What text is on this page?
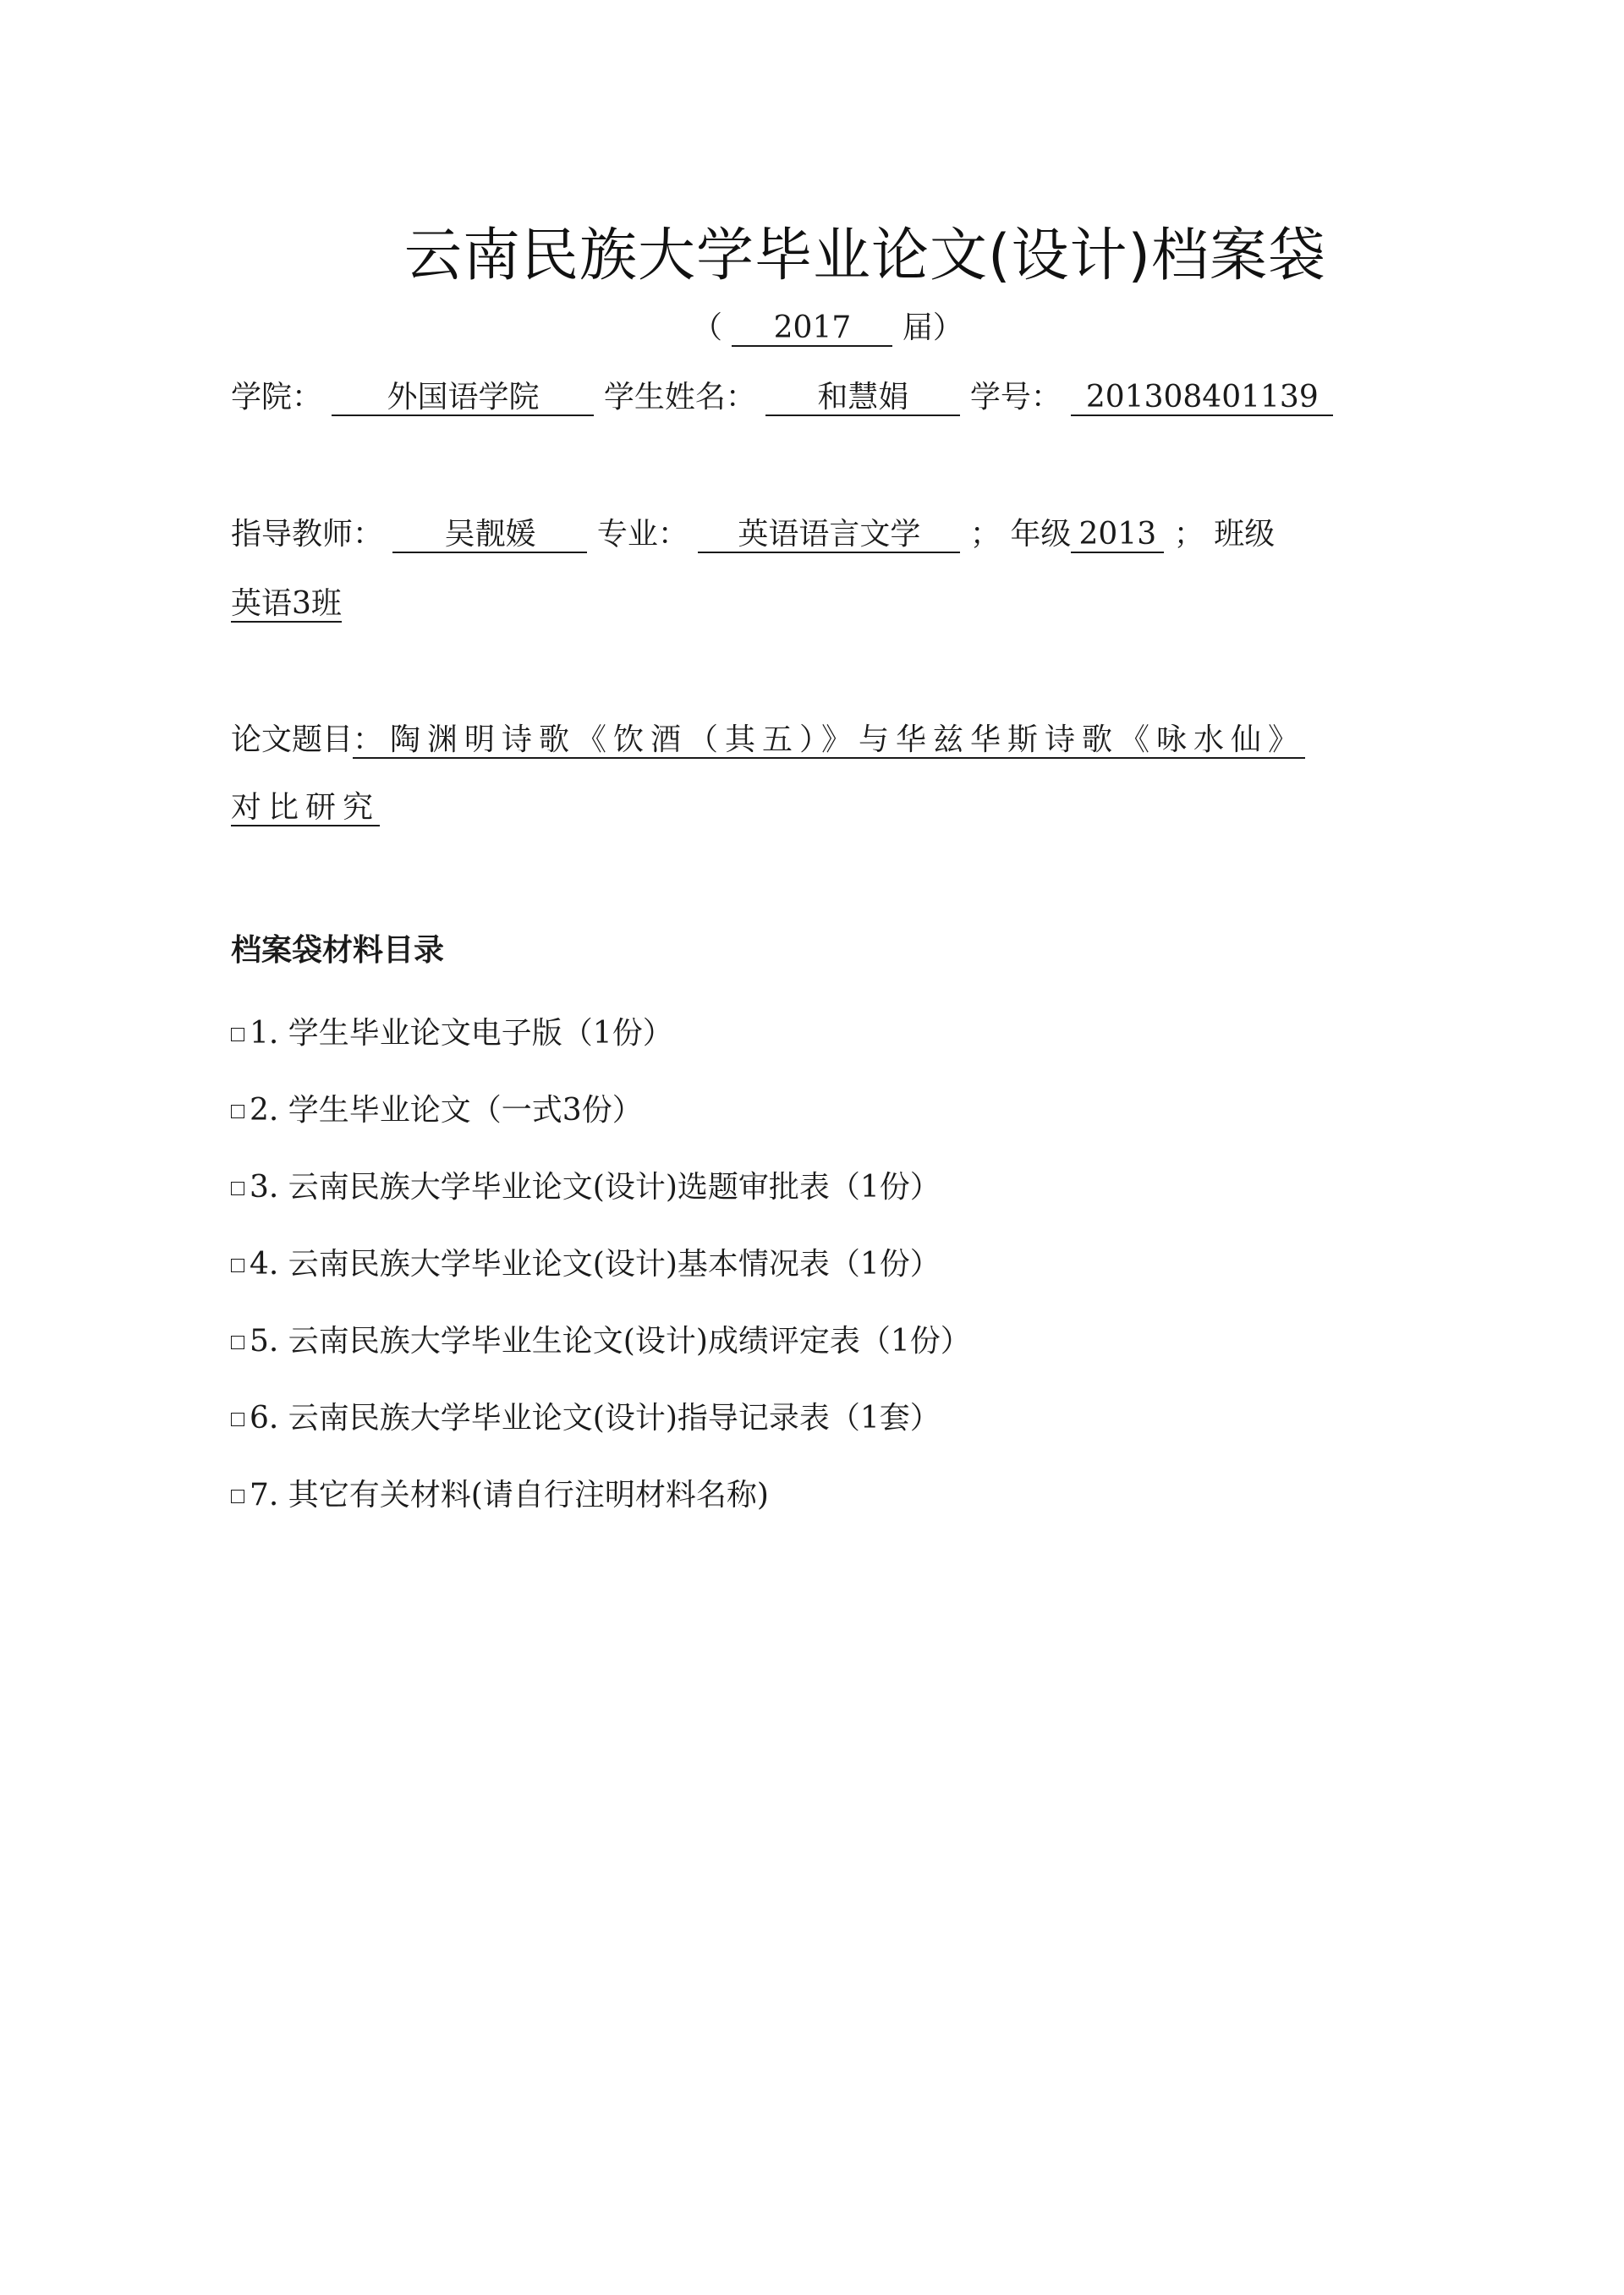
云南民族大学毕业论文(设计)档案袋
（ 2017 届）
学院： 外国语学院 学生姓名： 和慧娟 学号： 201308401139
指导教师： 吴靓媛 专业： 英语语言文学 ； 年级 2013 ； 班级
英语3班
论文题目：陶渊明诗歌《饮酒（其五）》与华兹华斯诗歌《咏水仙》
对比研究
档案袋材料目录
1. 学生毕业论文电子版（1份）
2. 学生毕业论文（一式3份）
3. 云南民族大学毕业论文(设计)选题审批表（1份）
4. 云南民族大学毕业论文(设计)基本情况表（1份）
5. 云南民族大学毕业生论文(设计)成绩评定表（1份）
6. 云南民族大学毕业论文(设计)指导记录表（1套）
7. 其它有关材料(请自行注明材料名称)
